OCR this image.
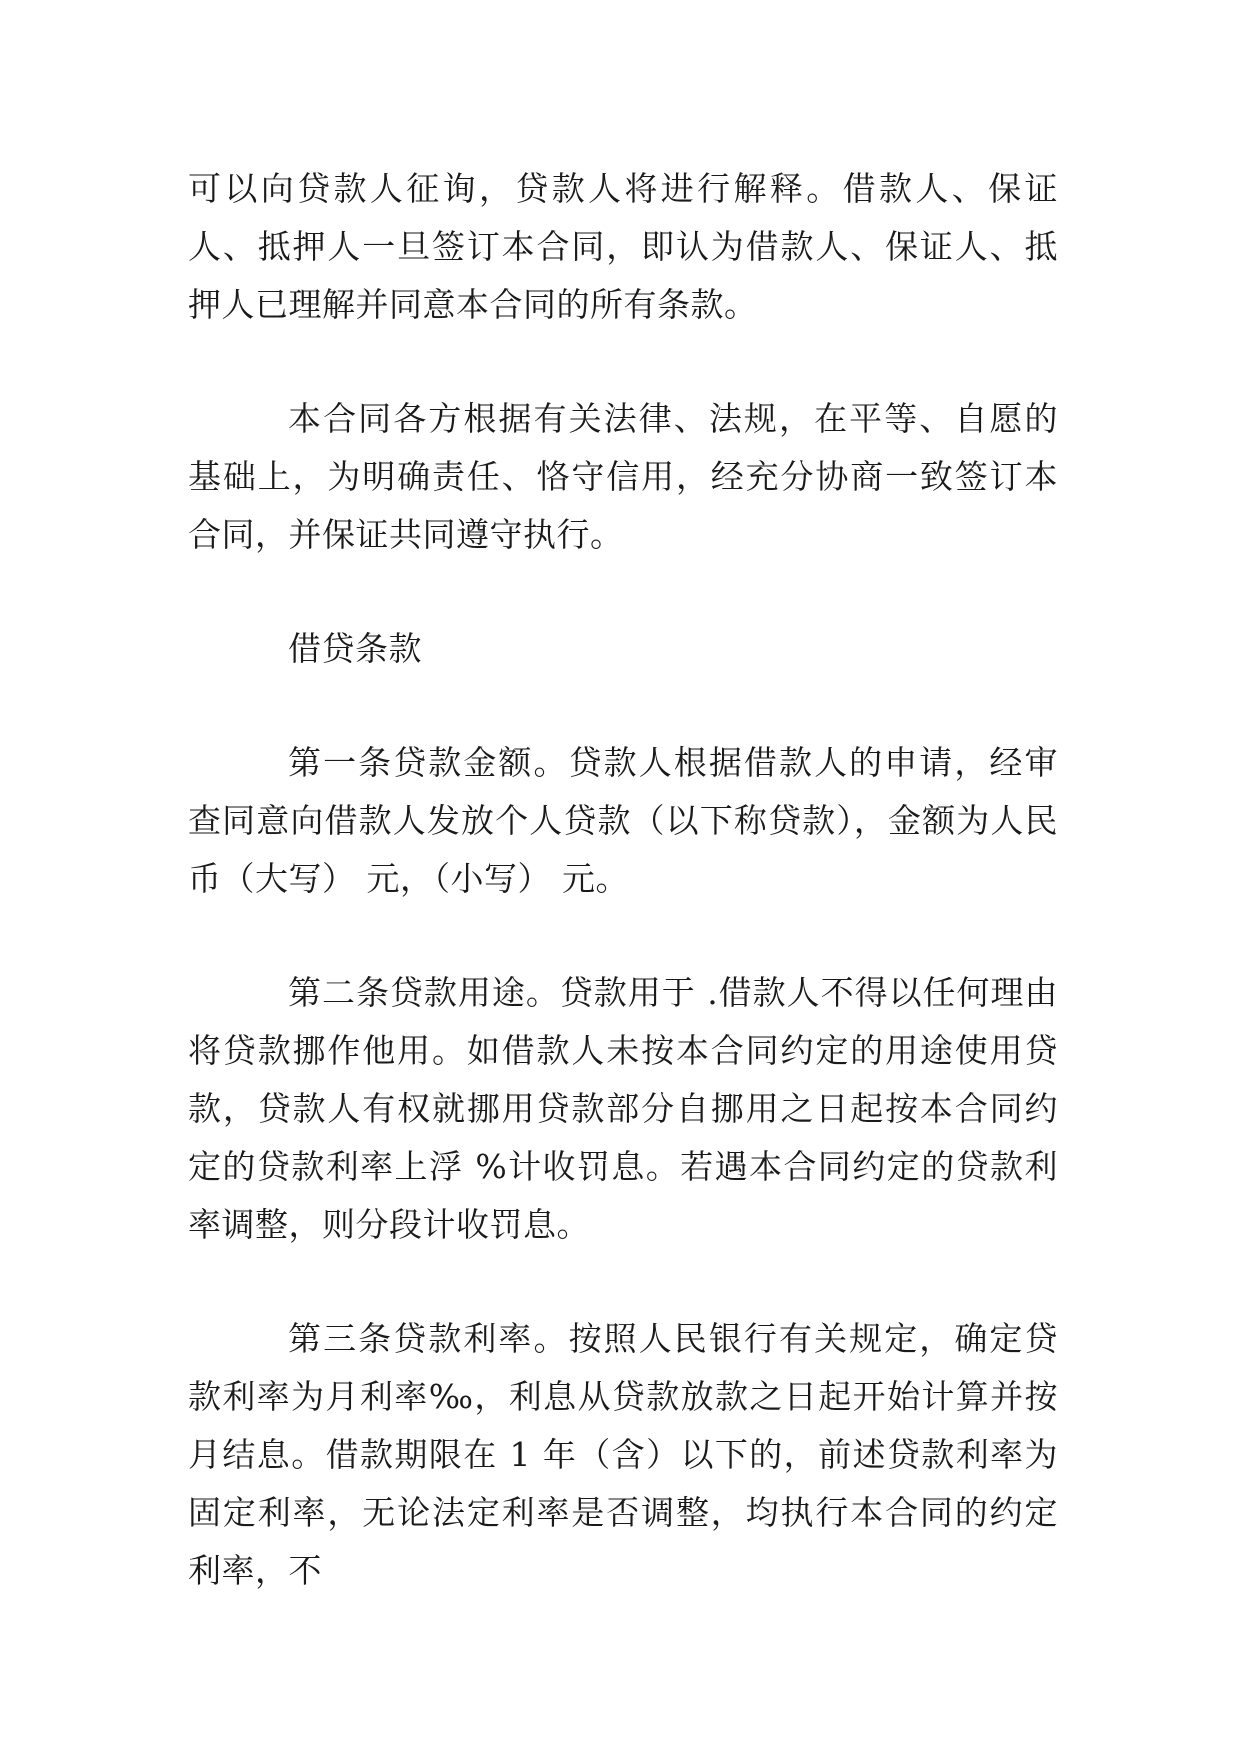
可以向贷款人征询，贷款人将进行解释。借款人、保证人、抵押人一旦签订本合同，即认为借款人、保证人、抵押人已理解并同意本合同的所有条款。

本合同各方根据有关法律、法规，在平等、自愿的基础上，为明确责任、恪守信用，经充分协商一致签订本合同，并保证共同遵守执行。

借贷条款

第一条贷款金额。贷款人根据借款人的申请，经审查同意向借款人发放个人贷款（以下称贷款），金额为人民币（大写） 元，（小写） 元。

第二条贷款用途。贷款用于 .借款人不得以任何理由将贷款挪作他用。如借款人未按本合同约定的用途使用贷款，贷款人有权就挪用贷款部分自挪用之日起按本合同约定的贷款利率上浮 %计收罚息。若遇本合同约定的贷款利率调整，则分段计收罚息。

第三条贷款利率。按照人民银行有关规定，确定贷款利率为月利率‰，利息从贷款放款之日起开始计算并按月结息。借款期限在 1 年（含）以下的，前述贷款利率为固定利率，无论法定利率是否调整，均执行本合同的约定利率，不
